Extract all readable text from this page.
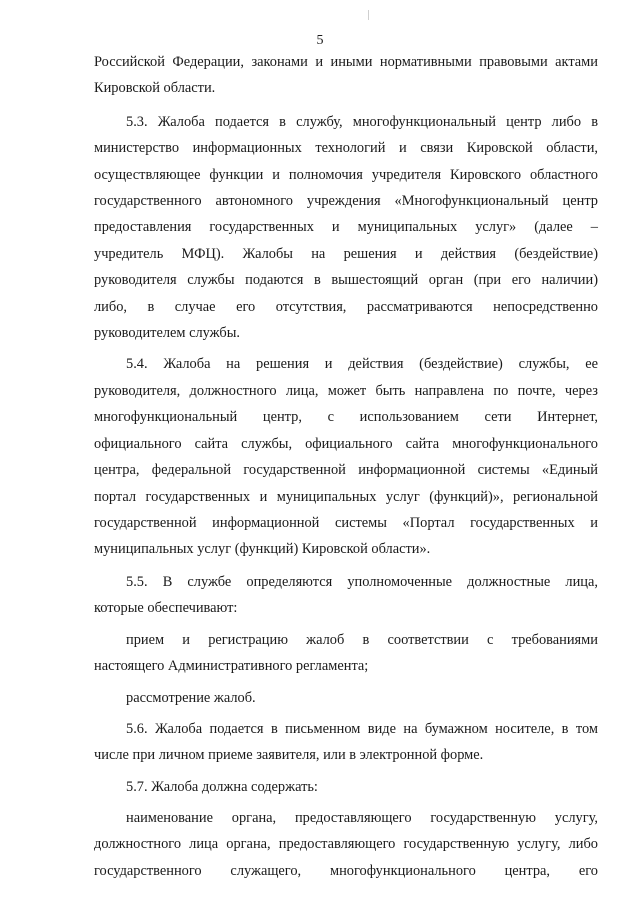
5

Российской Федерации, законами и иными нормативными правовыми актами
Кировской области.

5.3. Жалоба подается в службу, многофункциональный центр либо в
министерство информационных технологий и связи Кировской области,
осуществляющее функции и полномочия учредителя Кировского областного
государственного автономного учреждения «Многофункциональный центр
предоставления государственных и муниципальных услуг» (далее –
учредитель МФЦ). Жалобы на решения и действия (бездействие)
руководителя службы подаются в вышестоящий орган (при его наличии)
либо, в случае его отсутствия, рассматриваются непосредственно
руководителем службы.

5.4. Жалоба на решения и действия (бездействие) службы, ее
руководителя, должностного лица, может быть направлена по почте, через
многофункциональный центр, с использованием сети Интернет,
официального сайта службы, официального сайта многофункционального
центра, федеральной государственной информационной системы «Единый
портал государственных и муниципальных услуг (функций)», региональной
государственной информационной системы «Портал государственных и
муниципальных услуг (функций) Кировской области».

5.5. В службе определяются уполномоченные должностные лица,
которые обеспечивают:

прием и регистрацию жалоб в соответствии с требованиями
настоящего Административного регламента;

рассмотрение жалоб.

5.6. Жалоба подается в письменном виде на бумажном носителе, в том
числе при личном приеме заявителя, или в электронной форме.

5.7. Жалоба должна содержать:

наименование органа, предоставляющего государственную услугу,
должностного лица органа, предоставляющего государственную услугу, либо
государственного служащего, многофункционального центра, его
